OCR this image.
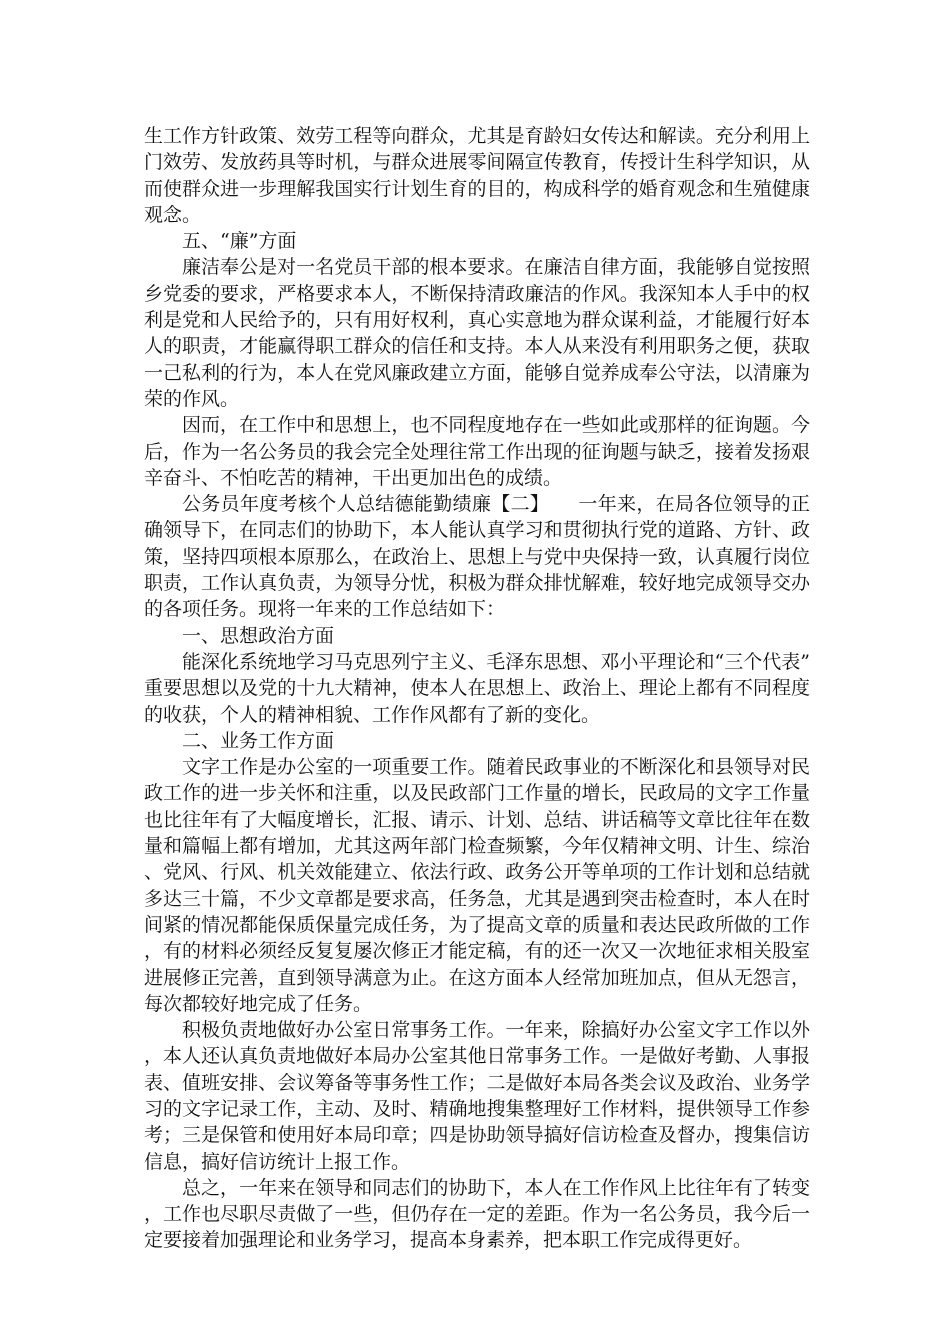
生工作方针政策、效劳工程等向群众，尤其是育龄妇女传达和解读。充分利用上门效劳、发放药具等时机，与群众进展零间隔宣传教育，传授计生科学知识，从而使群众进一步理解我国实行计划生育的目的，构成科学的婚育观念和生殖健康观念。

五、“廉”方面

廉洁奉公是对一名党员干部的根本要求。在廉洁自律方面，我能够自觉按照乡党委的要求，严格要求本人，不断保持清政廉洁的作风。我深知本人手中的权利是党和人民给予的，只有用好权利，真心实意地为群众谋利益，才能履行好本人的职责，才能赢得职工群众的信任和支持。本人从来没有利用职务之便，获取一己私利的行为，本人在党风廉政建立方面，能够自觉养成奉公守法，以清廉为荣的作风。

因而，在工作中和思想上，也不同程度地存在一些如此或那样的征询题。今后，作为一名公务员的我会完全处理往常工作出现的征询题与缺乏，接着发扬艰辛奋斗、不怕吃苦的精神，干出更加出色的成绩。

公务员年度考核个人总结德能勤绩廉【二】　　一年来，在局各位领导的正确领导下，在同志们的协助下，本人能认真学习和贯彻执行党的道路、方针、政策，坚持四项根本原那么，在政治上、思想上与党中央保持一致，认真履行岗位职责，工作认真负责，为领导分忧，积极为群众排忧解难，较好地完成领导交办的各项任务。现将一年来的工作总结如下：

一、思想政治方面

能深化系统地学习马克思列宁主义、毛泽东思想、邓小平理论和“三个代表”重要思想以及党的十九大精神，使本人在思想上、政治上、理论上都有不同程度的收获，个人的精神相貌、工作作风都有了新的变化。

二、业务工作方面

文字工作是办公室的一项重要工作。随着民政事业的不断深化和县领导对民政工作的进一步关怀和注重，以及民政部门工作量的增长，民政局的文字工作量也比往年有了大幅度增长，汇报、请示、计划、总结、讲话稿等文章比往年在数量和篇幅上都有增加，尤其这两年部门检查频繁，今年仅精神文明、计生、综治、党风、行风、机关效能建立、依法行政、政务公开等单项的工作计划和总结就多达三十篇，不少文章都是要求高，任务急，尤其是遇到突击检查时，本人在时间紧的情况都能保质保量完成任务，为了提高文章的质量和表达民政所做的工作，有的材料必须经反复复屡次修正才能定稿，有的还一次又一次地征求相关股室进展修正完善，直到领导满意为止。在这方面本人经常加班加点，但从无怨言，每次都较好地完成了任务。

积极负责地做好办公室日常事务工作。一年来，除搞好办公室文字工作以外，本人还认真负责地做好本局办公室其他日常事务工作。一是做好考勤、人事报表、值班安排、会议筹备等事务性工作；二是做好本局各类会议及政治、业务学习的文字记录工作，主动、及时、精确地搜集整理好工作材料，提供领导工作参考；三是保管和使用好本局印章；四是协助领导搞好信访检查及督办，搜集信访信息，搞好信访统计上报工作。

总之，一年来在领导和同志们的协助下，本人在工作作风上比往年有了转变，工作也尽职尽责做了一些，但仍存在一定的差距。作为一名公务员，我今后一定要接着加强理论和业务学习，提高本身素养，把本职工作完成得更好。
